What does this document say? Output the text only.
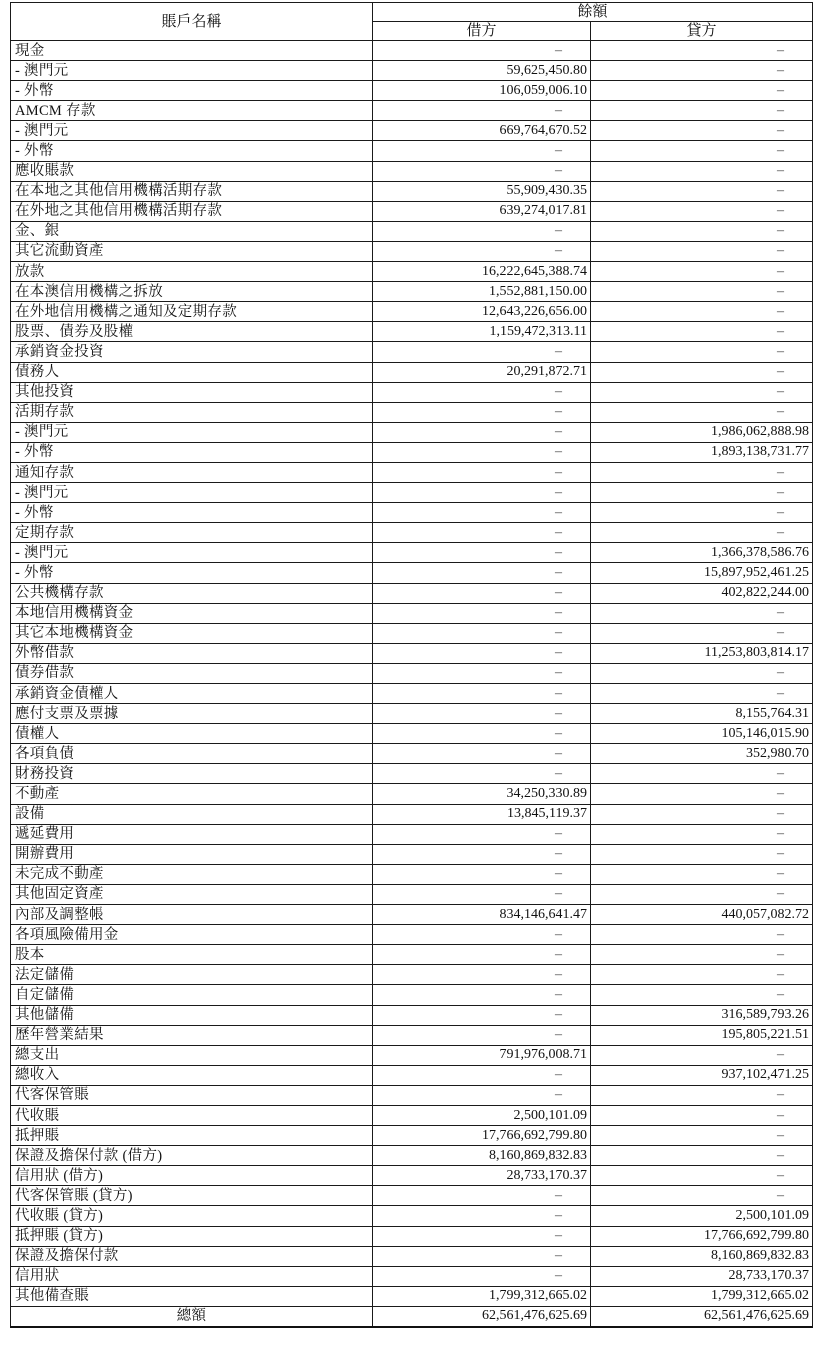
賬戶名稱	餘額	
	借方	貸方
現金	–	–
- 澳門元	59,625,450.80	–
- 外幣	106,059,006.10	–
AMCM 存款	–	–
- 澳門元	669,764,670.52	–
- 外幣	–	–
應收賬款	–	–
在本地之其他信用機構活期存款	55,909,430.35	–
在外地之其他信用機構活期存款	639,274,017.81	–
金、銀	–	–
其它流動資產	–	–
放款	16,222,645,388.74	–
在本澳信用機構之拆放	1,552,881,150.00	–
在外地信用機構之通知及定期存款	12,643,226,656.00	–
股票、債券及股權	1,159,472,313.11	–
承銷資金投資	–	–
債務人	20,291,872.71	–
其他投資	–	–
活期存款	–	–
- 澳門元	–	1,986,062,888.98
- 外幣	–	1,893,138,731.77
通知存款	–	–
- 澳門元	–	–
- 外幣	–	–
定期存款	–	–
- 澳門元	–	1,366,378,586.76
- 外幣	–	15,897,952,461.25
公共機構存款	–	402,822,244.00
本地信用機構資金	–	–
其它本地機構資金	–	–
外幣借款	–	11,253,803,814.17
債券借款	–	–
承銷資金債權人	–	–
應付支票及票據	–	8,155,764.31
債權人	–	105,146,015.90
各項負債	–	352,980.70
財務投資	–	–
不動產	34,250,330.89	–
設備	13,845,119.37	–
遞延費用	–	–
開辦費用	–	–
未完成不動產	–	–
其他固定資產	–	–
內部及調整帳	834,146,641.47	440,057,082.72
各項風險備用金	–	–
股本	–	–
法定儲備	–	–
自定儲備	–	–
其他儲備	–	316,589,793.26
歷年營業結果	–	195,805,221.51
總支出	791,976,008.71	–
總收入	–	937,102,471.25
代客保管賬	–	–
代收賬	2,500,101.09	–
抵押賬	17,766,692,799.80	–
保證及擔保付款 (借方)	8,160,869,832.83	–
信用狀 (借方)	28,733,170.37	–
代客保管賬 (貸方)	–	–
代收賬 (貸方)	–	2,500,101.09
抵押賬 (貸方)	–	17,766,692,799.80
保證及擔保付款	–	8,160,869,832.83
信用狀	–	28,733,170.37
其他備查賬	1,799,312,665.02	1,799,312,665.02
總額	62,561,476,625.69	62,561,476,625.69
